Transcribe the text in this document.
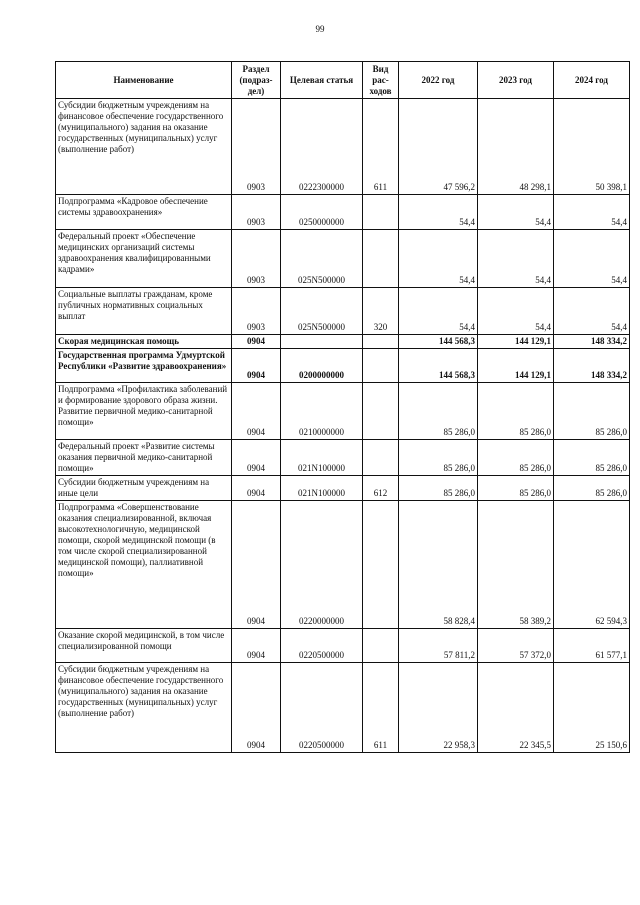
99
Наименование	Раздел (подраз-дел)	Целевая статья	Вид рас-ходов	2022 год	2023 год	2024 год
Субсидии бюджетным учреждениям на финансовое обеспечение государственного (муниципального) задания на оказание государственных (муниципальных) услуг (выполнение работ)	0903	0222300000	611	47 596,2	48 298,1	50 398,1
Подпрограмма «Кадровое обеспечение системы здравоохранения»	0903	0250000000		54,4	54,4	54,4
Федеральный проект «Обеспечение медицинских организаций системы здравоохранения квалифицированными кадрами»	0903	025N500000		54,4	54,4	54,4
Социальные выплаты гражданам, кроме публичных нормативных социальных выплат	0903	025N500000	320	54,4	54,4	54,4
Скорая медицинская помощь	0904			144 568,3	144 129,1	148 334,2
Государственная программа Удмуртской Республики «Развитие здравоохранения»	0904	0200000000		144 568,3	144 129,1	148 334,2
Подпрограмма «Профилактика заболеваний и формирование здорового образа жизни. Развитие первичной медико-санитарной помощи»	0904	0210000000		85 286,0	85 286,0	85 286,0
Федеральный проект «Развитие системы оказания первичной медико-санитарной помощи»	0904	021N100000		85 286,0	85 286,0	85 286,0
Субсидии бюджетным учреждениям на иные цели	0904	021N100000	612	85 286,0	85 286,0	85 286,0
Подпрограмма «Совершенствование оказания специализированной, включая высокотехнологичную, медицинской помощи, скорой медицинской помощи (в том числе скорой специализированной медицинской помощи), паллиативной помощи»	0904	0220000000		58 828,4	58 389,2	62 594,3
Оказание скорой медицинской, в том числе специализированной помощи	0904	0220500000		57 811,2	57 372,0	61 577,1
Субсидии бюджетным учреждениям на финансовое обеспечение государственного (муниципального) задания на оказание государственных (муниципальных) услуг (выполнение работ)	0904	0220500000	611	22 958,3	22 345,5	25 150,6
